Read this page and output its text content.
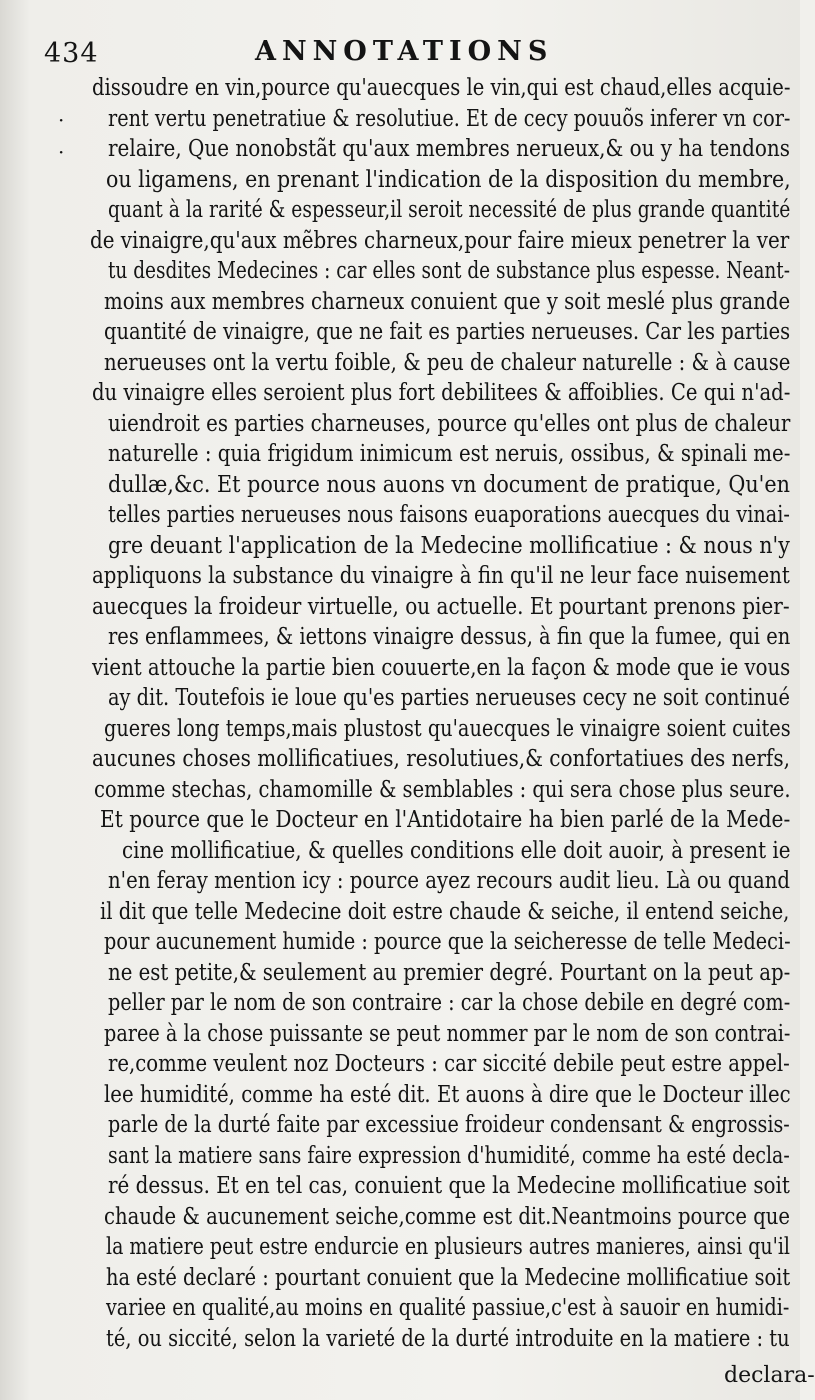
434	ANNOTATIONS
·
·
dissoudre en vin,pource qu'auecques le vin,qui est chaud,elles acquie-
rent vertu penetratiue & resolutiue. Et de cecy pouuõs inferer vn cor-
relaire, Que nonobstãt qu'aux membres nerueux,& ou y ha tendons
ou ligamens, en prenant l'indication de la disposition du membre,
quant à la rarité & espesseur,il seroit necessité de plus grande quantité
de vinaigre,qu'aux mẽbres charneux,pour faire mieux penetrer la ver
tu desdites Medecines : car elles sont de substance plus espesse. Neant-
moins aux membres charneux conuient que y soit meslé plus grande
quantité de vinaigre, que ne fait es parties nerueuses. Car les parties
nerueuses ont la vertu foible, & peu de chaleur naturelle : & à cause
du vinaigre elles seroient plus fort debilitees & affoiblies. Ce qui n'ad-
uiendroit es parties charneuses, pource qu'elles ont plus de chaleur
naturelle : quia frigidum inimicum est neruis, ossibus, & spinali me-
dullæ,&c. Et pource nous auons vn document de pratique, Qu'en
telles parties nerueuses nous faisons euaporations auecques du vinai-
gre deuant l'application de la Medecine mollificatiue : & nous n'y
appliquons la substance du vinaigre à fin qu'il ne leur face nuisement
auecques la froideur virtuelle, ou actuelle. Et pourtant prenons pier-
res enflammees, & iettons vinaigre dessus, à fin que la fumee, qui en
vient attouche la partie bien couuerte,en la façon & mode que ie vous
ay dit. Toutefois ie loue qu'es parties nerueuses cecy ne soit continué
gueres long temps,mais plustost qu'auecques le vinaigre soient cuites
aucunes choses mollificatiues, resolutiues,& confortatiues des nerfs,
comme stechas, chamomille & semblables : qui sera chose plus seure.
Et pource que le Docteur en l'Antidotaire ha bien parlé de la Mede-
cine mollificatiue, & quelles conditions elle doit auoir, à present ie
n'en feray mention icy : pource ayez recours audit lieu. Là ou quand
il dit que telle Medecine doit estre chaude & seiche, il entend seiche,
pour aucunement humide : pource que la seicheresse de telle Medeci-
ne est petite,& seulement au premier degré. Pourtant on la peut ap-
peller par le nom de son contraire : car la chose debile en degré com-
paree à la chose puissante se peut nommer par le nom de son contrai-
re,comme veulent noz Docteurs : car siccité debile peut estre appel-
lee humidité, comme ha esté dit. Et auons à dire que le Docteur illec
parle de la durté faite par excessiue froideur condensant & engrossis-
sant la matiere sans faire expression d'humidité, comme ha esté decla-
ré dessus. Et en tel cas, conuient que la Medecine mollificatiue soit
chaude & aucunement seiche,comme est dit.Neantmoins pource que
la matiere peut estre endurcie en plusieurs autres manieres, ainsi qu'il
ha esté declaré : pourtant conuient que la Medecine mollificatiue soit
variee en qualité,au moins en qualité passiue,c'est à sauoir en humidi-
té, ou siccité, selon la varieté de la durté introduite en la matiere : tu
declara-
